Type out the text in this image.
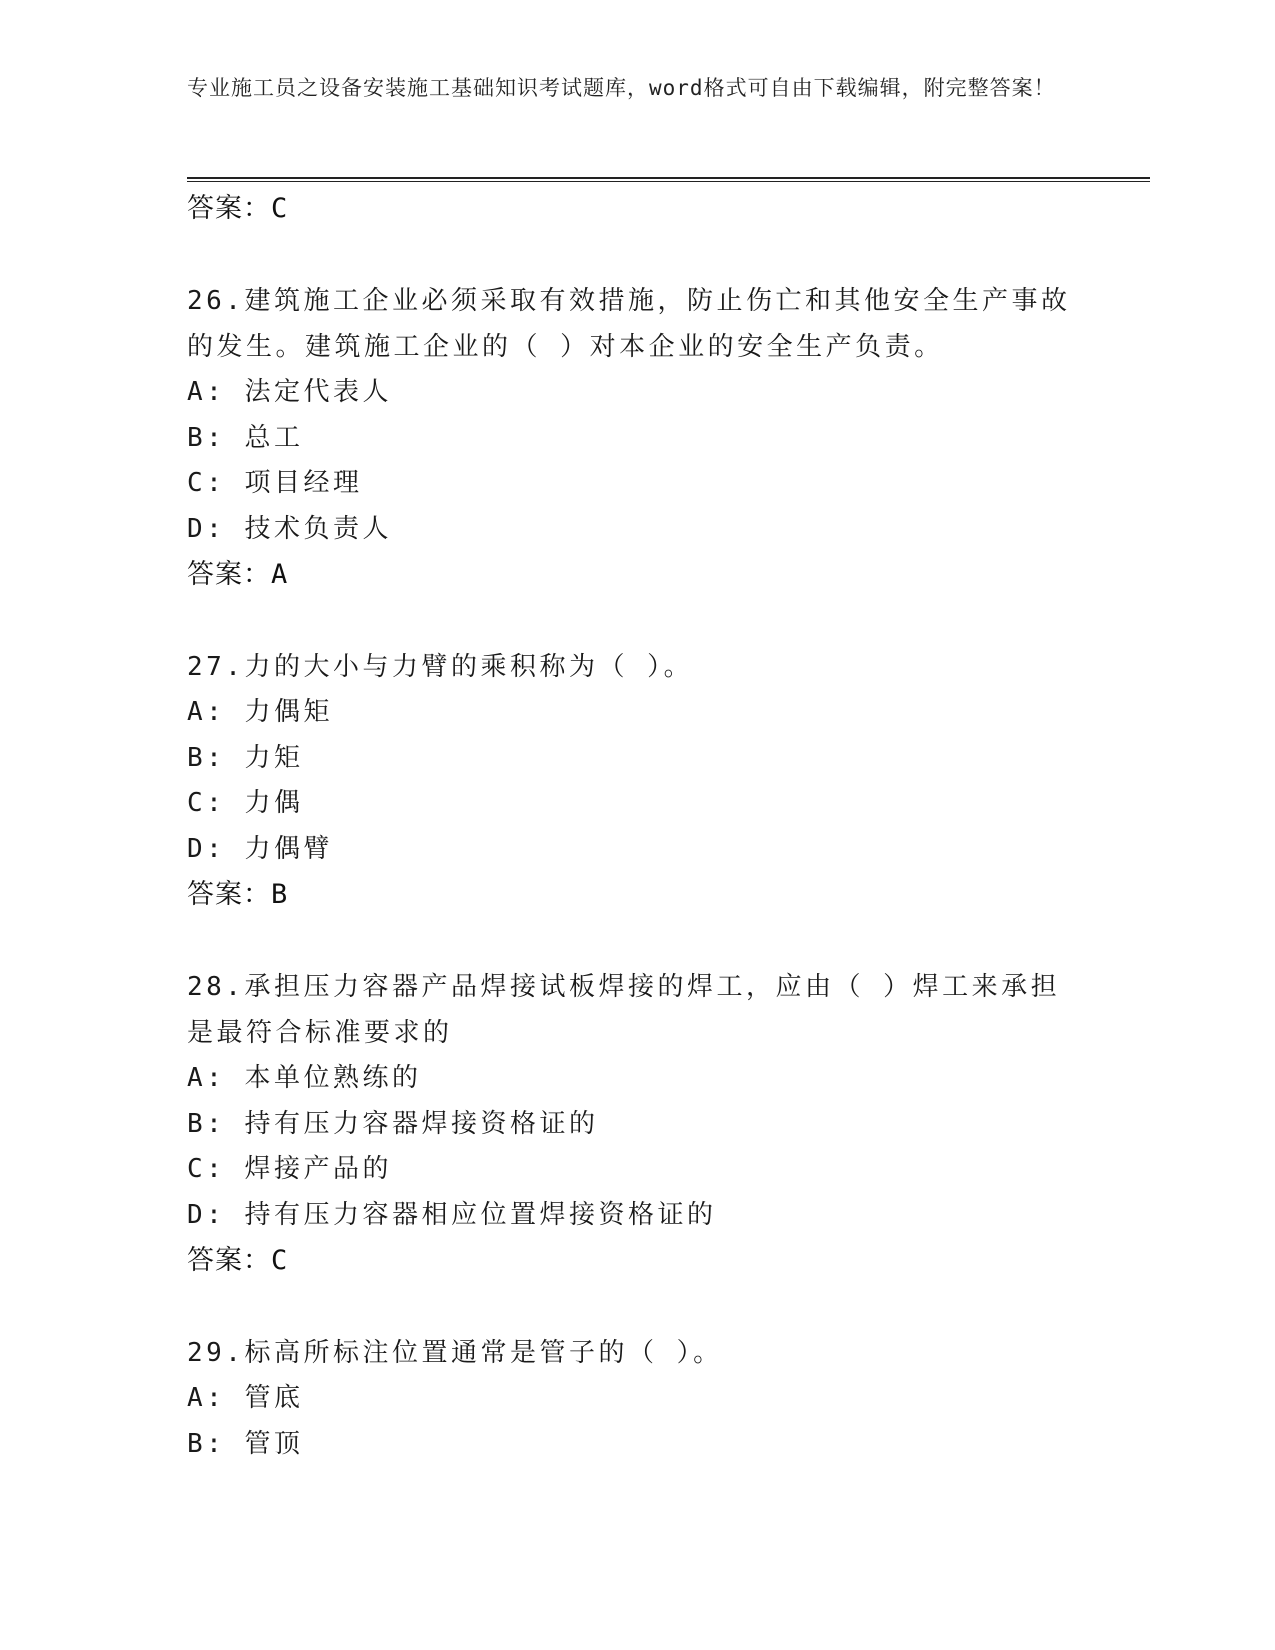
专业施工员之设备安装施工基础知识考试题库，word格式可自由下载编辑，附完整答案！
答案：C
26.建筑施工企业必须采取有效措施，防止伤亡和其他安全生产事故的发生。建筑施工企业的（ ）对本企业的安全生产负责。
A: 法定代表人
B: 总工
C: 项目经理
D: 技术负责人
答案：A
27.力的大小与力臂的乘积称为（ ）。
A: 力偶矩
B: 力矩
C: 力偶
D: 力偶臂
答案：B
28.承担压力容器产品焊接试板焊接的焊工，应由（ ）焊工来承担是最符合标准要求的
A: 本单位熟练的
B: 持有压力容器焊接资格证的
C: 焊接产品的
D: 持有压力容器相应位置焊接资格证的
答案：C
29.标高所标注位置通常是管子的（ ）。
A: 管底
B: 管顶
